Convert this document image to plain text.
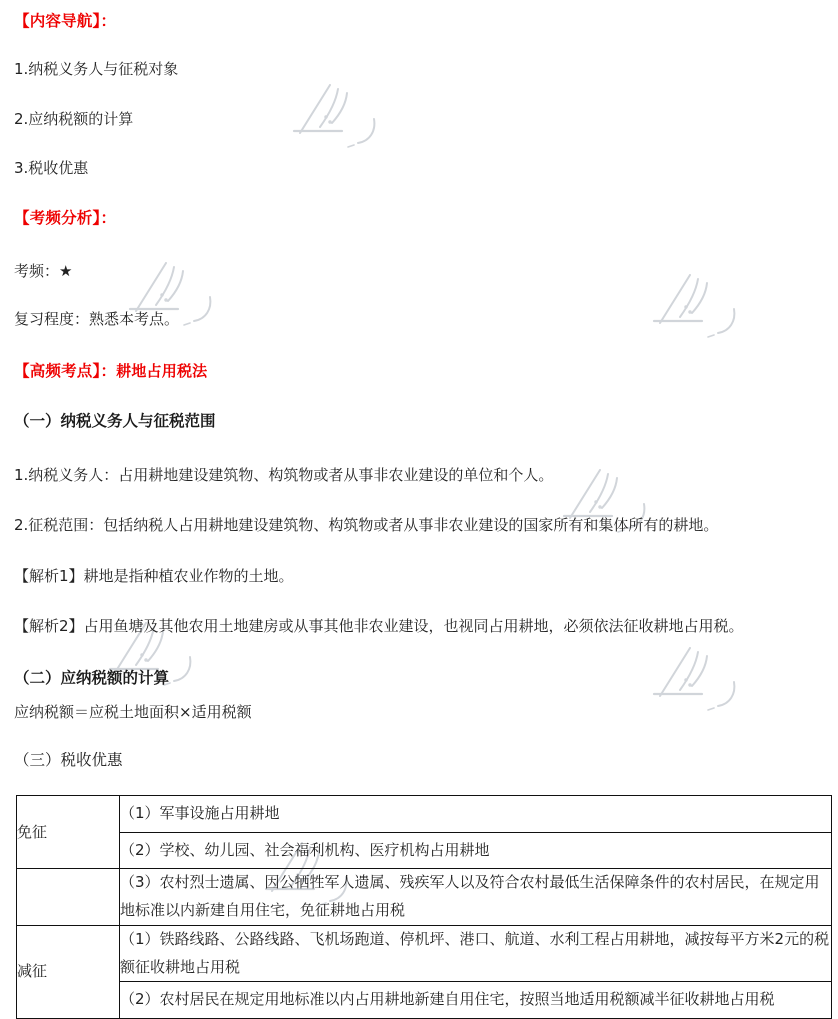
【内容导航】：
1.纳税义务人与征税对象
2.应纳税额的计算
3.税收优惠
【考频分析】：
考频：★
复习程度：熟悉本考点。
【高频考点】：耕地占用税法
（一）纳税义务人与征税范围
1.纳税义务人：占用耕地建设建筑物、构筑物或者从事非农业建设的单位和个人。
2.征税范围：包括纳税人占用耕地建设建筑物、构筑物或者从事非农业建设的国家所有和集体所有的耕地。
【解析1】耕地是指种植农业作物的土地。
【解析2】占用鱼塘及其他农用土地建房或从事其他非农业建设，也视同占用耕地，必须依法征收耕地占用税。
（二）应纳税额的计算
应纳税额＝应税土地面积×适用税额
（三）税收优惠
免征	（1）军事设施占用耕地
	（2）学校、幼儿园、社会福利机构、医疗机构占用耕地
	（3）农村烈士遗属、因公牺牲军人遗属、残疾军人以及符合农村最低生活保障条件的农村居民，在规定用地标准以内新建自用住宅，免征耕地占用税
减征	（1）铁路线路、公路线路、飞机场跑道、停机坪、港口、航道、水利工程占用耕地，减按每平方米2元的税额征收耕地占用税
	（2）农村居民在规定用地标准以内占用耕地新建自用住宅，按照当地适用税额减半征收耕地占用税
